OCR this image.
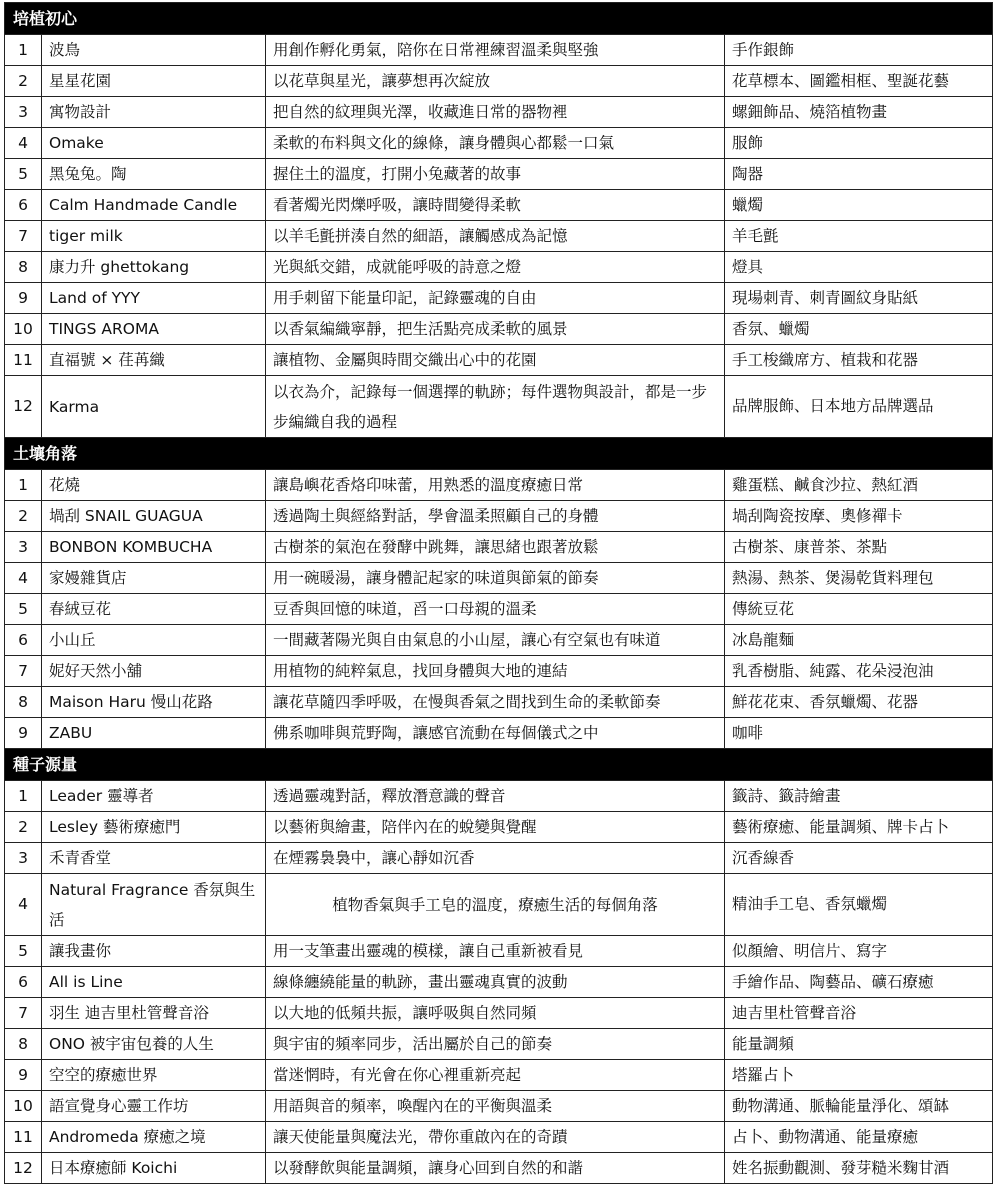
培植初心			
1	波鳥	用創作孵化勇氣，陪你在日常裡練習溫柔與堅強	手作銀飾
2	星星花園	以花草與星光，讓夢想再次綻放	花草標本、圖鑑相框、聖誕花藝
3	寓物設計	把自然的紋理與光澤，收藏進日常的器物裡	螺鈿飾品、燒箔植物畫
4	Omake	柔軟的布料與文化的線條，讓身體與心都鬆一口氣	服飾
5	黑兔兔。陶	握住土的溫度，打開小兔藏著的故事	陶器
6	Calm Handmade Candle	看著燭光閃爍呼吸，讓時間變得柔軟	蠟燭
7	tiger milk	以羊毛氈拼湊自然的細語，讓觸感成為記憶	羊毛氈
8	康力升 ghettokang	光與紙交錯，成就能呼吸的詩意之燈	燈具
9	Land of YYY	用手刺留下能量印記，記錄靈魂的自由	現場刺青、刺青圖紋身貼紙
10	TINGS AROMA	以香氣編織寧靜，把生活點亮成柔軟的風景	香氛、蠟燭
11	直福號 × 荏苒織	讓植物、金屬與時間交織出心中的花園	手工梭織席方、植栽和花器
12	Karma	以衣為介，記錄每一個選擇的軌跡；每件選物與設計，都是一步步編織自我的過程	品牌服飾、日本地方品牌選品
土壤角落			
1	花燒	讓島嶼花香烙印味蕾，用熟悉的溫度療癒日常	雞蛋糕、鹹食沙拉、熱紅酒
2	堝刮 SNAIL GUAGUA	透過陶土與經絡對話，學會溫柔照顧自己的身體	堝刮陶瓷按摩、奧修禪卡
3	BONBON KOMBUCHA	古樹茶的氣泡在發酵中跳舞，讓思緒也跟著放鬆	古樹茶、康普茶、茶點
4	家嫚雜貨店	用一碗暖湯，讓身體記起家的味道與節氣的節奏	熱湯、熱茶、煲湯乾貨料理包
5	春絨豆花	豆香與回憶的味道，舀一口母親的溫柔	傳統豆花
6	小山丘	一間藏著陽光與自由氣息的小山屋，讓心有空氣也有味道	冰島龍麵
7	妮好天然小舖	用植物的純粹氣息，找回身體與大地的連結	乳香樹脂、純露、花朵浸泡油
8	Maison Haru 慢山花路	讓花草隨四季呼吸，在慢與香氣之間找到生命的柔軟節奏	鮮花花束、香氛蠟燭、花器
9	ZABU	佛系咖啡與荒野陶，讓感官流動在每個儀式之中	咖啡
種子源量			
1	Leader 靈導者	透過靈魂對話，釋放潛意識的聲音	籤詩、籤詩繪畫
2	Lesley 藝術療癒門	以藝術與繪畫，陪伴內在的蛻變與覺醒	藝術療癒、能量調頻、牌卡占卜
3	禾青香堂	在煙霧裊裊中，讓心靜如沉香	沉香線香
4	Natural Fragrance 香氛與生活	植物香氣與手工皂的溫度，療癒生活的每個角落	精油手工皂、香氛蠟燭
5	讓我畫你	用一支筆畫出靈魂的模樣，讓自己重新被看見	似顏繪、明信片、寫字
6	All is Line	線條纏繞能量的軌跡，畫出靈魂真實的波動	手繪作品、陶藝品、礦石療癒
7	羽生 迪吉里杜管聲音浴	以大地的低頻共振，讓呼吸與自然同頻	迪吉里杜管聲音浴
8	ONO 被宇宙包養的人生	與宇宙的頻率同步，活出屬於自己的節奏	能量調頻
9	空空的療癒世界	當迷惘時，有光會在你心裡重新亮起	塔羅占卜
10	語宣覺身心靈工作坊	用語與音的頻率，喚醒內在的平衡與溫柔	動物溝通、脈輪能量淨化、頌缽
11	Andromeda 療癒之境	讓天使能量與魔法光，帶你重啟內在的奇蹟	占卜、動物溝通、能量療癒
12	日本療癒師 Koichi	以發酵飲與能量調頻，讓身心回到自然的和諧	姓名振動觀測、發芽糙米麴甘酒
